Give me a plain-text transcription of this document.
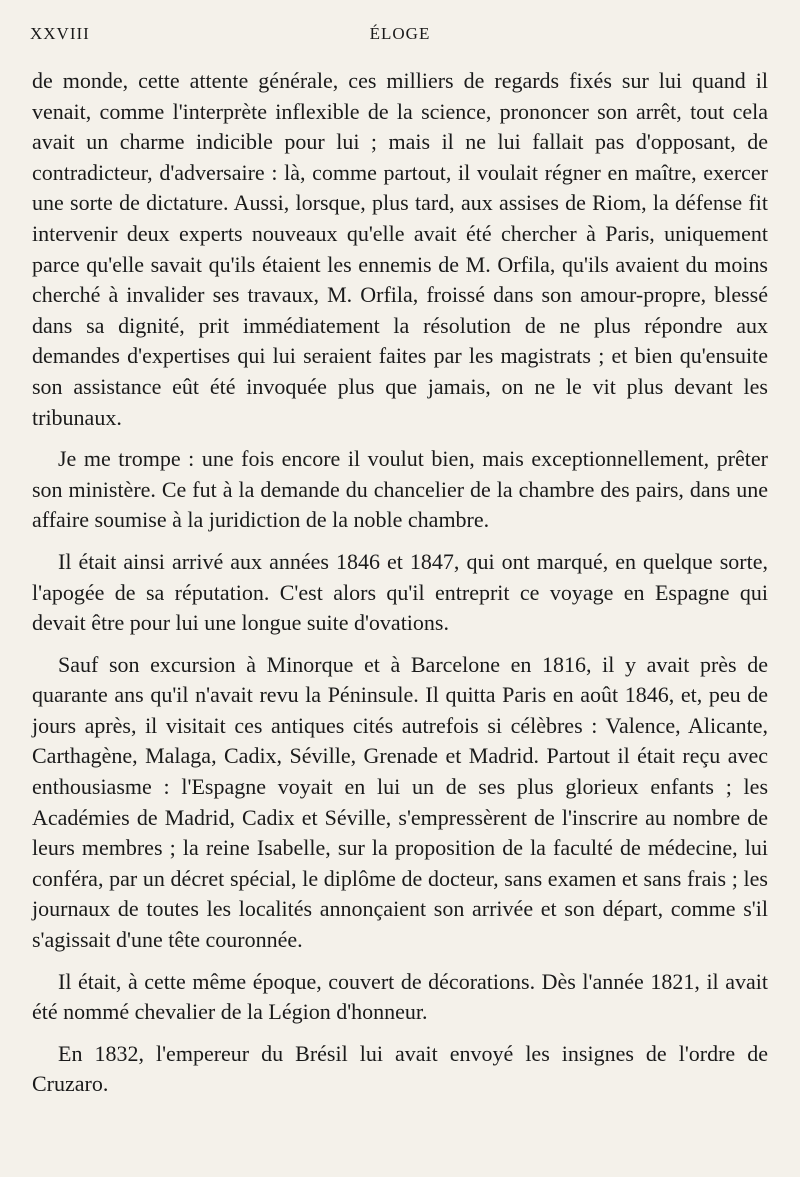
XXVIII	ÉLOGE

de monde, cette attente générale, ces milliers de regards fixés sur lui quand il venait, comme l'interprète inflexible de la science, prononcer son arrêt, tout cela avait un charme indicible pour lui ; mais il ne lui fallait pas d'opposant, de contradicteur, d'adversaire : là, comme partout, il voulait régner en maître, exercer une sorte de dictature. Aussi, lorsque, plus tard, aux assises de Riom, la défense fit intervenir deux experts nouveaux qu'elle avait été chercher à Paris, uniquement parce qu'elle savait qu'ils étaient les ennemis de M. Orfila, qu'ils avaient du moins cherché à invalider ses travaux, M. Orfila, froissé dans son amour-propre, blessé dans sa dignité, prit immédiatement la résolution de ne plus répondre aux demandes d'expertises qui lui seraient faites par les magistrats ; et bien qu'ensuite son assistance eût été invoquée plus que jamais, on ne le vit plus devant les tribunaux.

Je me trompe : une fois encore il voulut bien, mais exceptionnellement, prêter son ministère. Ce fut à la demande du chancelier de la chambre des pairs, dans une affaire soumise à la juridiction de la noble chambre.

Il était ainsi arrivé aux années 1846 et 1847, qui ont marqué, en quelque sorte, l'apogée de sa réputation. C'est alors qu'il entreprit ce voyage en Espagne qui devait être pour lui une longue suite d'ovations.

Sauf son excursion à Minorque et à Barcelone en 1816, il y avait près de quarante ans qu'il n'avait revu la Péninsule. Il quitta Paris en août 1846, et, peu de jours après, il visitait ces antiques cités autrefois si célèbres : Valence, Alicante, Carthagène, Malaga, Cadix, Séville, Grenade et Madrid. Partout il était reçu avec enthousiasme : l'Espagne voyait en lui un de ses plus glorieux enfants ; les Académies de Madrid, Cadix et Séville, s'empressèrent de l'inscrire au nombre de leurs membres ; la reine Isabelle, sur la proposition de la faculté de médecine, lui conféra, par un décret spécial, le diplôme de docteur, sans examen et sans frais ; les journaux de toutes les localités annonçaient son arrivée et son départ, comme s'il s'agissait d'une tête couronnée.

Il était, à cette même époque, couvert de décorations. Dès l'année 1821, il avait été nommé chevalier de la Légion d'honneur.

En 1832, l'empereur du Brésil lui avait envoyé les insignes de l'ordre de Cruzaro.
